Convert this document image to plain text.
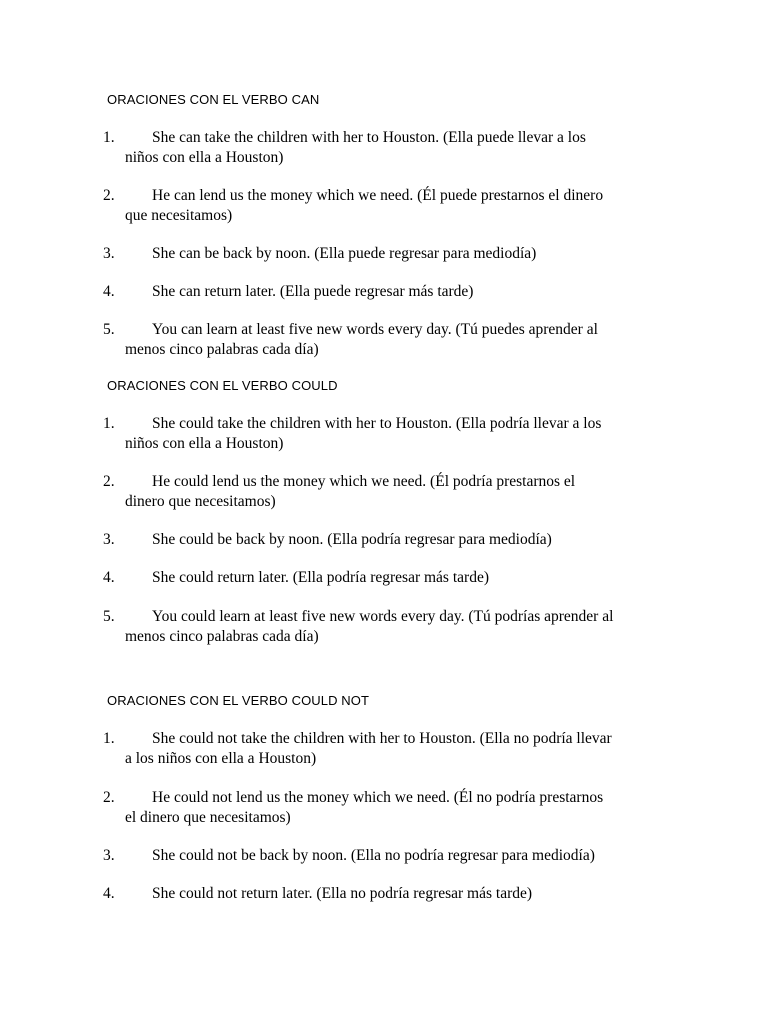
ORACIONES CON EL VERBO CAN
1. She can take the children with her to Houston. (Ella puede llevar a los
niños con ella a Houston)
2. He can lend us the money which we need. (Él puede prestarnos el dinero
que necesitamos)
3. She can be back by noon. (Ella puede regresar para mediodía)
4. She can return later. (Ella puede regresar más tarde)
5. You can learn at least five new words every day. (Tú puedes aprender al
menos cinco palabras cada día)
ORACIONES CON EL VERBO COULD
1. She could take the children with her to Houston. (Ella podría llevar a los
niños con ella a Houston)
2. He could lend us the money which we need. (Él podría prestarnos el
dinero que necesitamos)
3. She could be back by noon. (Ella podría regresar para mediodía)
4. She could return later. (Ella podría regresar más tarde)
5. You could learn at least five new words every day. (Tú podrías aprender al
menos cinco palabras cada día)
ORACIONES CON EL VERBO COULD NOT
1. She could not take the children with her to Houston. (Ella no podría llevar
a los niños con ella a Houston)
2. He could not lend us the money which we need. (Él no podría prestarnos
el dinero que necesitamos)
3. She could not be back by noon. (Ella no podría regresar para mediodía)
4. She could not return later. (Ella no podría regresar más tarde)
